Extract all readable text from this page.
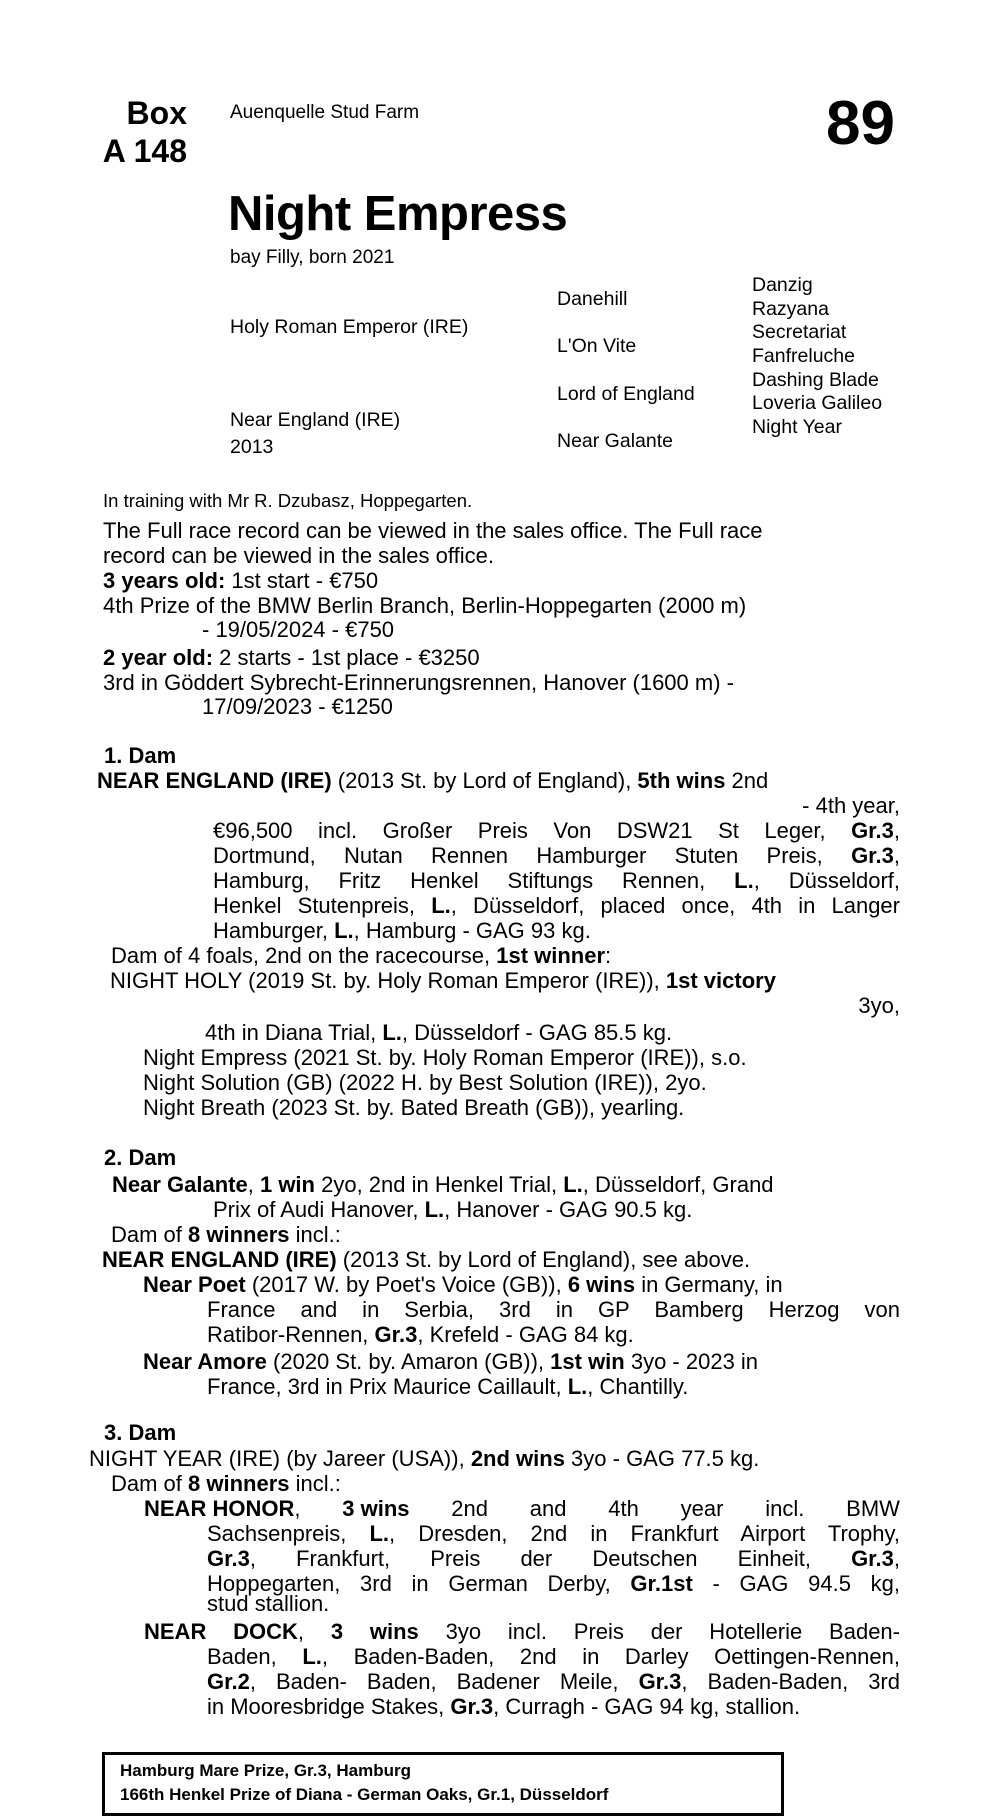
Box
A 148
Auenquelle Stud Farm	89
Night Empress
bay Filly, born 2021
Holy Roman Emperor (IRE)
Near England (IRE)
2013
Danehill
L'On Vite
Lord of England
Near Galante
Danzig
Razyana
Secretariat
Fanfreluche
Dashing Blade
Loveria Galileo
Night Year
In training with Mr R. Dzubasz, Hoppegarten.
The Full race record can be viewed in the sales office. The Full race
record can be viewed in the sales office.
3 years old: 1st start - €750
4th Prize of the BMW Berlin Branch, Berlin-Hoppegarten (2000 m)
- 19/05/2024 - €750
2 year old: 2 starts - 1st place - €3250
3rd in Göddert Sybrecht-Erinnerungsrennen, Hanover (1600 m) -
17/09/2023 - €1250
1. Dam
NEAR ENGLAND (IRE) (2013 St. by Lord of England), 5th wins 2nd
- 4th year,
€96,500 incl. Großer Preis Von DSW21 St Leger, Gr.3,
Dortmund, Nutan Rennen Hamburger Stuten Preis, Gr.3,
Hamburg, Fritz Henkel Stiftungs Rennen, L., Düsseldorf,
Henkel Stutenpreis, L., Düsseldorf, placed once, 4th in Langer
Hamburger, L., Hamburg - GAG 93 kg.
Dam of 4 foals, 2nd on the racecourse, 1st winner:
NIGHT HOLY (2019 St. by. Holy Roman Emperor (IRE)), 1st victory
3yo,
4th in Diana Trial, L., Düsseldorf - GAG 85.5 kg.
Night Empress (2021 St. by. Holy Roman Emperor (IRE)), s.o.
Night Solution (GB) (2022 H. by Best Solution (IRE)), 2yo.
Night Breath (2023 St. by. Bated Breath (GB)), yearling.
2. Dam
Near Galante, 1 win 2yo, 2nd in Henkel Trial, L., Düsseldorf, Grand
Prix of Audi Hanover, L., Hanover - GAG 90.5 kg.
Dam of 8 winners incl.:
NEAR ENGLAND (IRE) (2013 St. by Lord of England), see above.
Near Poet (2017 W. by Poet's Voice (GB)), 6 wins in Germany, in
France and in Serbia, 3rd in GP Bamberg Herzog von
Ratibor-Rennen, Gr.3, Krefeld - GAG 84 kg.
Near Amore (2020 St. by. Amaron (GB)), 1st win 3yo - 2023 in
France, 3rd in Prix Maurice Caillault, L., Chantilly.
3. Dam
NIGHT YEAR (IRE) (by Jareer (USA)), 2nd wins 3yo - GAG 77.5 kg.
Dam of 8 winners incl.:
NEAR HONOR, 3 wins 2nd and 4th year incl. BMW
Sachsenpreis, L., Dresden, 2nd in Frankfurt Airport Trophy,
Gr.3, Frankfurt, Preis der Deutschen Einheit, Gr.3,
Hoppegarten, 3rd in German Derby, Gr.1st - GAG 94.5 kg,
stud stallion.
NEAR DOCK, 3 wins 3yo incl. Preis der Hotellerie Baden-
Baden, L., Baden-Baden, 2nd in Darley Oettingen-Rennen,
Gr.2, Baden- Baden, Badener Meile, Gr.3, Baden-Baden, 3rd
in Mooresbridge Stakes, Gr.3, Curragh - GAG 94 kg, stallion.
Hamburg Mare Prize, Gr.3, Hamburg
166th Henkel Prize of Diana - German Oaks, Gr.1, Düsseldorf
